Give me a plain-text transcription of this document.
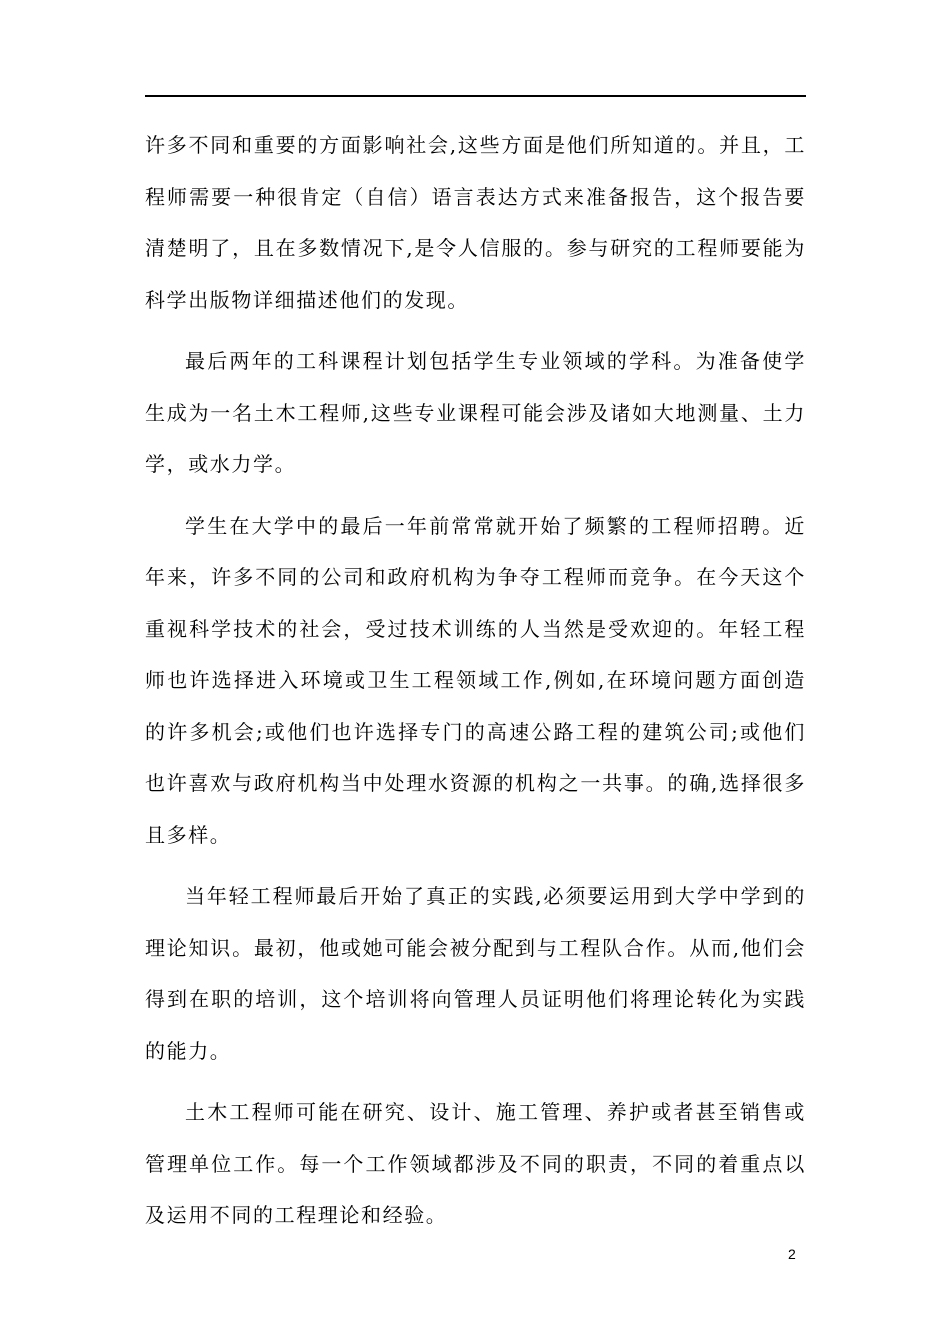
许多不同和重要的方面影响社会,这些方面是他们所知道的。并且，工程师需要一种很肯定（自信）语言表达方式来准备报告，这个报告要清楚明了，且在多数情况下,是令人信服的。参与研究的工程师要能为科学出版物详细描述他们的发现。

最后两年的工科课程计划包括学生专业领域的学科。为准备使学生成为一名土木工程师,这些专业课程可能会涉及诸如大地测量、土力学，或水力学。

学生在大学中的最后一年前常常就开始了频繁的工程师招聘。近年来，许多不同的公司和政府机构为争夺工程师而竞争。在今天这个重视科学技术的社会，受过技术训练的人当然是受欢迎的。年轻工程师也许选择进入环境或卫生工程领域工作,例如,在环境问题方面创造的许多机会;或他们也许选择专门的高速公路工程的建筑公司;或他们也许喜欢与政府机构当中处理水资源的机构之一共事。的确,选择很多且多样。

当年轻工程师最后开始了真正的实践,必须要运用到大学中学到的理论知识。最初，他或她可能会被分配到与工程队合作。从而,他们会得到在职的培训，这个培训将向管理人员证明他们将理论转化为实践的能力。

土木工程师可能在研究、设计、施工管理、养护或者甚至销售或管理单位工作。每一个工作领域都涉及不同的职责，不同的着重点以及运用不同的工程理论和经验。

2
